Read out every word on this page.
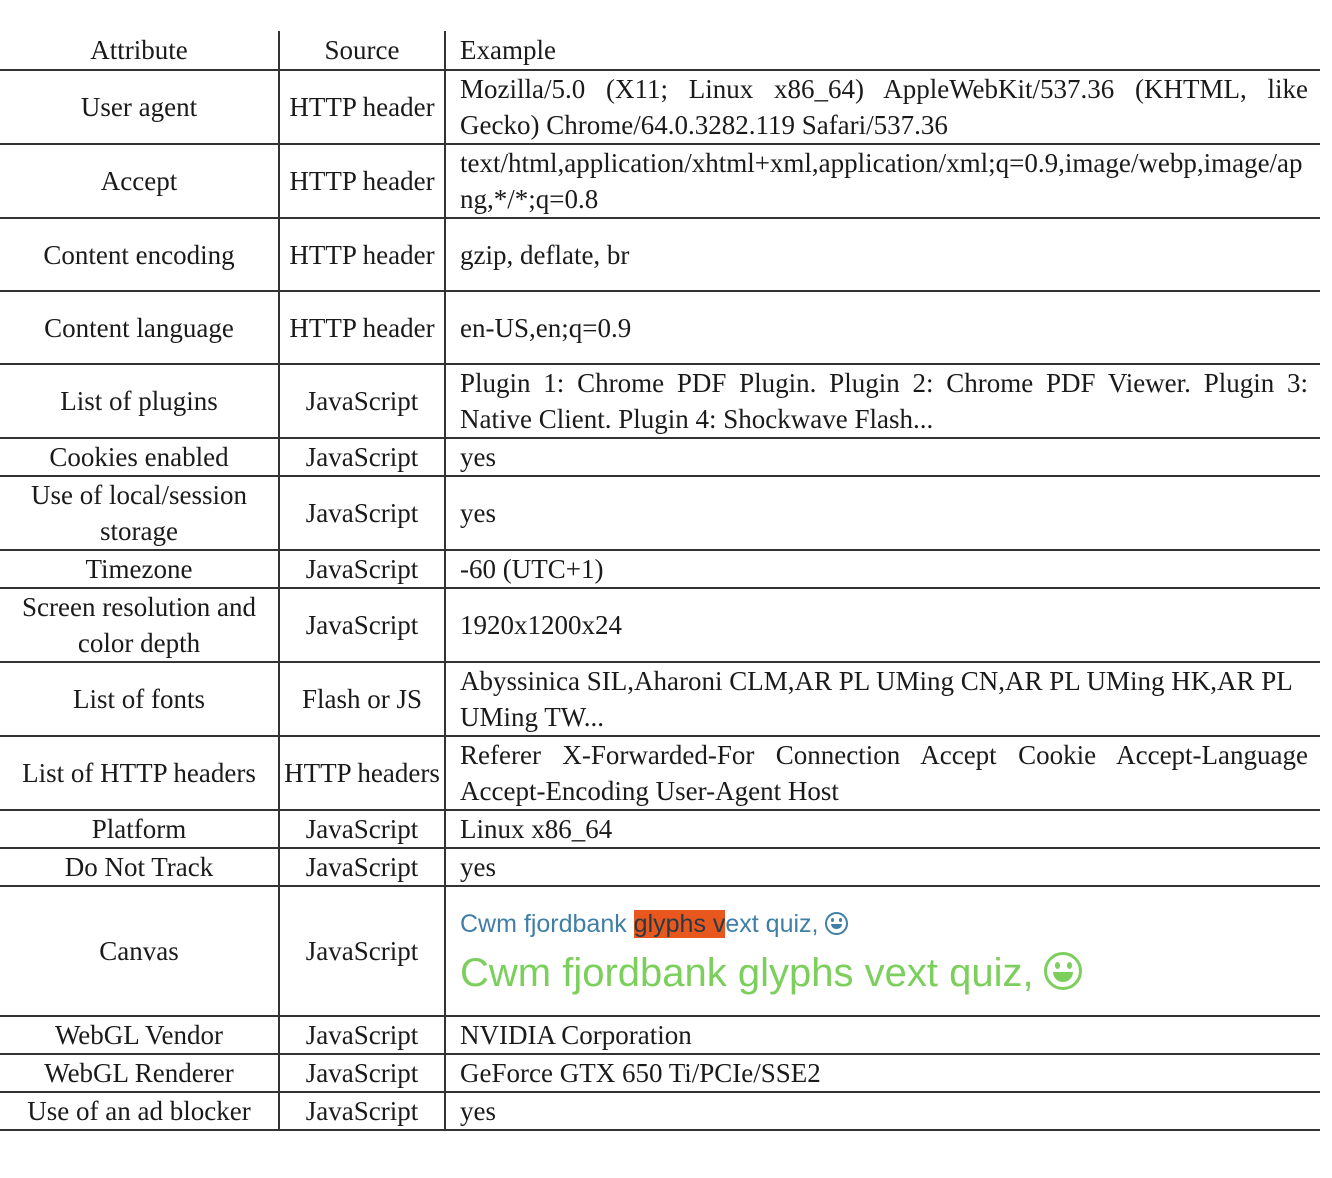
Attribute	Source	Example
User agent	HTTP header	Mozilla/5.0 (X11; Linux x86_64) AppleWebKit/537.36 (KHTML, like Gecko) Chrome/64.0.3282.119 Safari/537.36
Accept	HTTP header	text/html,application/xhtml+xml,application/xml;q=0.9,image/webp,image/apng,*/*;q=0.8
Content encoding	HTTP header	gzip, deflate, br
Content language	HTTP header	en-US,en;q=0.9
List of plugins	JavaScript	Plugin 1: Chrome PDF Plugin. Plugin 2: Chrome PDF Viewer. Plugin 3: Native Client. Plugin 4: Shockwave Flash...
Cookies enabled	JavaScript	yes
Use of local/session storage	JavaScript	yes
Timezone	JavaScript	-60 (UTC+1)
Screen resolution and color depth	JavaScript	1920x1200x24
List of fonts	Flash or JS	Abyssinica SIL,Aharoni CLM,AR PL UMing CN,AR PL UMing HK,AR PL UMing TW...
List of HTTP headers	HTTP headers	Referer X-Forwarded-For Connection Accept Cookie Accept-Language Accept-Encoding User-Agent Host
Platform	JavaScript	Linux x86_64
Do Not Track	JavaScript	yes
Canvas	JavaScript	Cwm fjordbank glyphs vext quiz,
Cwm fjordbank glyphs vext quiz,

WebGL Vendor	JavaScript	NVIDIA Corporation
WebGL Renderer	JavaScript	GeForce GTX 650 Ti/PCIe/SSE2
Use of an ad blocker	JavaScript	yes
